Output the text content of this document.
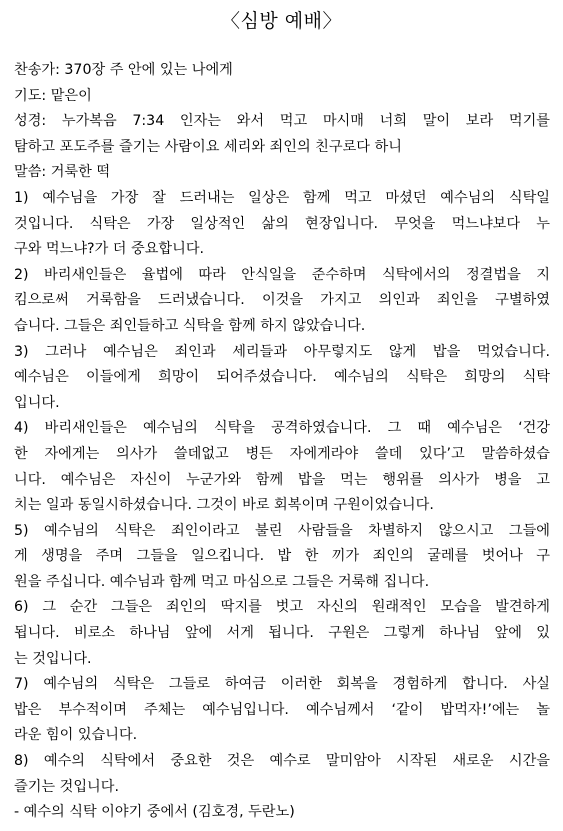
〈심방 예배〉
찬송가: 370장 주 안에 있는 나에게
기도: 맡은이
성경: 누가복음 7:34 인자는 와서 먹고 마시매 너희 말이 보라 먹기를
탐하고 포도주를 즐기는 사람이요 세리와 죄인의 친구로다 하니
말씀: 거룩한 떡
1) 예수님을 가장 잘 드러내는 일상은 함께 먹고 마셨던 예수님의 식탁일
것입니다. 식탁은 가장 일상적인 삶의 현장입니다. 무엇을 먹느냐보다 누
구와 먹느냐?가 더 중요합니다.
2) 바리새인들은 율법에 따라 안식일을 준수하며 식탁에서의 정결법을 지
킴으로써 거룩함을 드러냈습니다. 이것을 가지고 의인과 죄인을 구별하였
습니다. 그들은 죄인들하고 식탁을 함께 하지 않았습니다.
3) 그러나 예수님은 죄인과 세리들과 아무렇지도 않게 밥을 먹었습니다.
예수님은 이들에게 희망이 되어주셨습니다. 예수님의 식탁은 희망의 식탁
입니다.
4) 바리새인들은 예수님의 식탁을 공격하였습니다. 그 때 예수님은 ‘건강
한 자에게는 의사가 쓸데없고 병든 자에게라야 쓸데 있다’고 말씀하셨습
니다. 예수님은 자신이 누군가와 함께 밥을 먹는 행위를 의사가 병을 고
치는 일과 동일시하셨습니다. 그것이 바로 회복이며 구원이었습니다.
5) 예수님의 식탁은 죄인이라고 불린 사람들을 차별하지 않으시고 그들에
게 생명을 주며 그들을 일으킵니다. 밥 한 끼가 죄인의 굴레를 벗어나 구
원을 주십니다. 예수님과 함께 먹고 마심으로 그들은 거룩해 집니다.
6) 그 순간 그들은 죄인의 딱지를 벗고 자신의 원래적인 모습을 발견하게
됩니다. 비로소 하나님 앞에 서게 됩니다. 구원은 그렇게 하나님 앞에 있
는 것입니다.
7) 예수님의 식탁은 그들로 하여금 이러한 회복을 경험하게 합니다. 사실
밥은 부수적이며 주체는 예수님입니다. 예수님께서 ‘같이 밥먹자!’에는 놀
라운 힘이 있습니다.
8) 예수의 식탁에서 중요한 것은 예수로 말미암아 시작된 새로운 시간을
즐기는 것입니다.
- 예수의 식탁 이야기 중에서 (김호경, 두란노)
